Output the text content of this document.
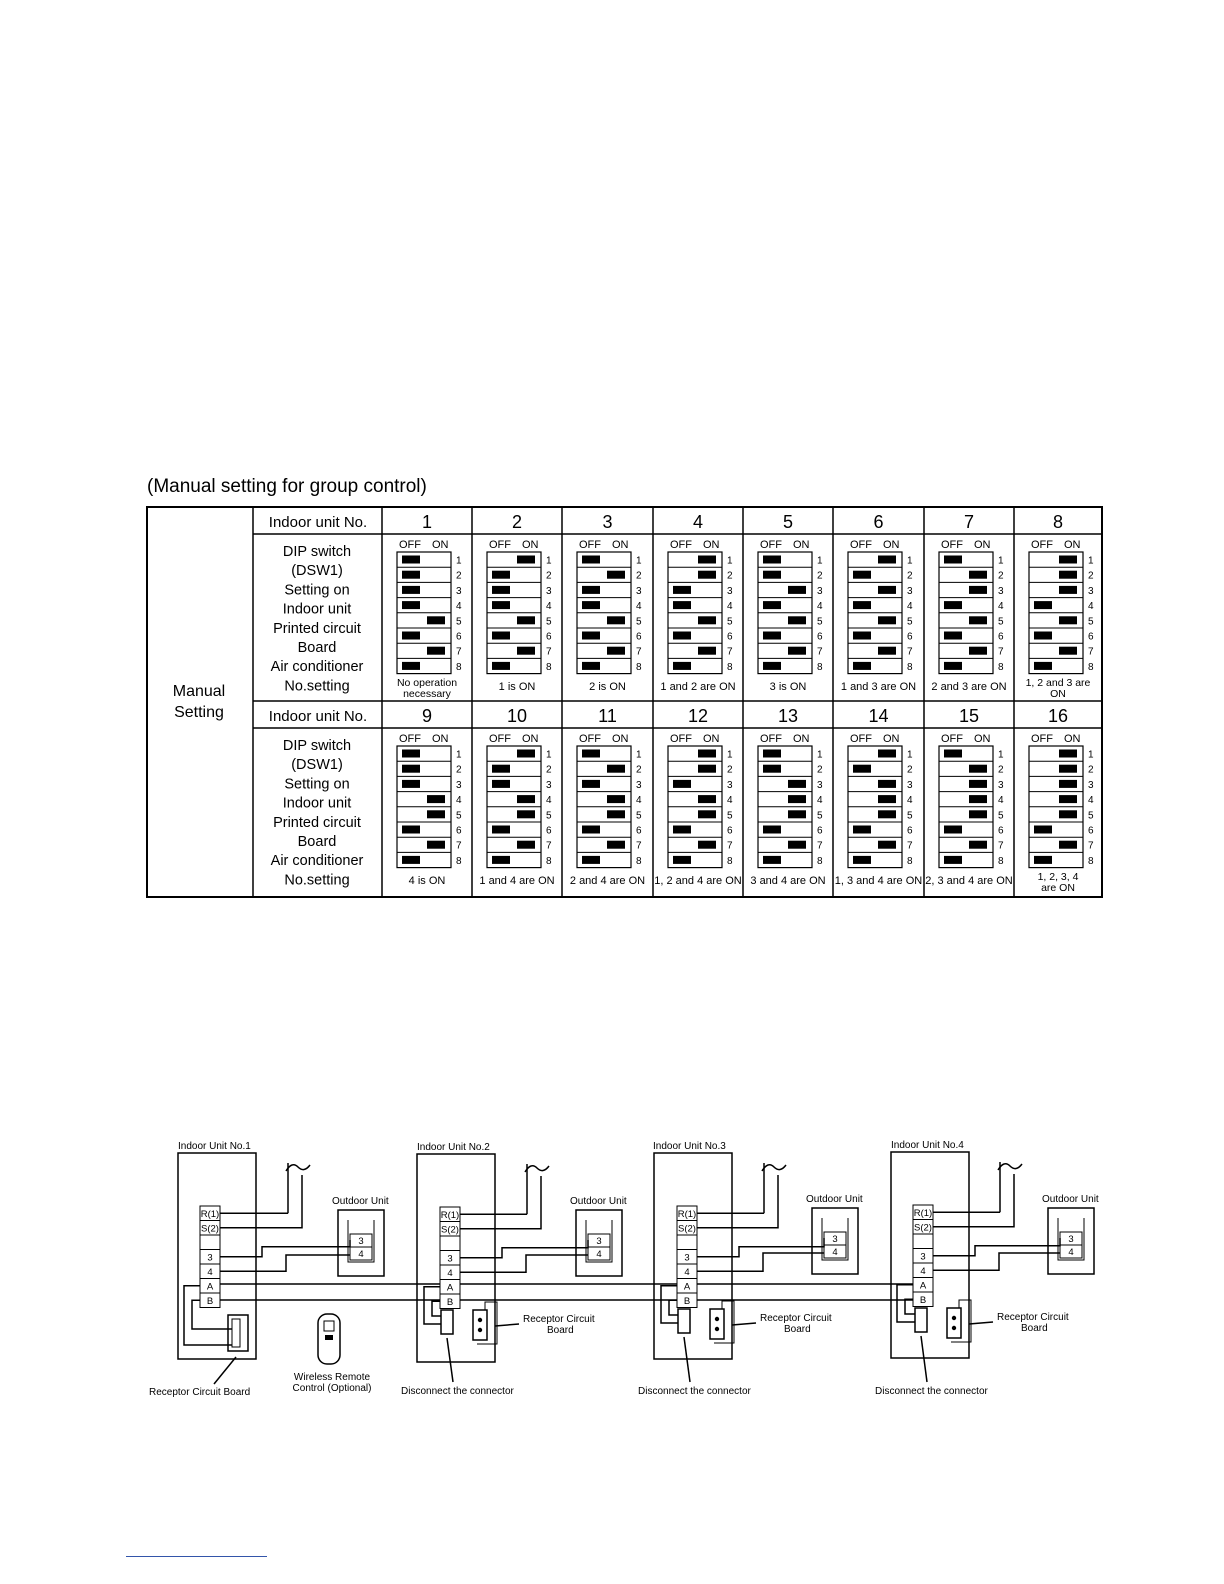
(Manual setting for group control)
Manual
Setting
Indoor unit No.
DIP switch
(DSW1)
Setting on
Indoor unit
Printed circuit
Board
Air conditioner
No.setting
1
OFF ON
1
2
3
4
5
6
7
8
No operation
necessary
2
OFF ON
1
2
3
4
5
6
7
8
1 is ON
3
OFF ON
1
2
3
4
5
6
7
8
2 is ON
4
OFF ON
1
2
3
4
5
6
7
8
1 and 2 are ON
5
OFF ON
1
2
3
4
5
6
7
8
3 is ON
6
OFF ON
1
2
3
4
5
6
7
8
1 and 3 are ON
7
OFF ON
1
2
3
4
5
6
7
8
2 and 3 are ON
8
OFF ON
1
2
3
4
5
6
7
8
1, 2 and 3 are
ON
Indoor unit No.
DIP switch
(DSW1)
Setting on
Indoor unit
Printed circuit
Board
Air conditioner
No.setting
9
OFF ON
1
2
3
4
5
6
7
8
4 is ON
10
OFF ON
1
2
3
4
5
6
7
8
1 and 4 are ON
11
OFF ON
1
2
3
4
5
6
7
8
2 and 4 are ON
12
OFF ON
1
2
3
4
5
6
7
8
1, 2 and 4 are ON
13
OFF ON
1
2
3
4
5
6
7
8
3 and 4 are ON
14
OFF ON
1
2
3
4
5
6
7
8
1, 3 and 4 are ON
15
OFF ON
1
2
3
4
5
6
7
8
2, 3 and 4 are ON
16
OFF ON
1
2
3
4
5
6
7
8
1, 2, 3, 4
are ON
Indoor Unit No.1
R(1)
S(2)
3
4
A
B
Outdoor Unit
3
4
Receptor Circuit Board
Indoor Unit No.2
R(1)
S(2)
3
4
A
B
Outdoor Unit
3
4
Receptor Circuit
Board
Disconnect the connector
Indoor Unit No.3
R(1)
S(2)
3
4
A
B
Outdoor Unit
3
4
Receptor Circuit
Board
Disconnect the connector
Indoor Unit No.4
R(1)
S(2)
3
4
A
B
Outdoor Unit
3
4
Receptor Circuit
Board
Disconnect the connector
Wireless Remote
Control (Optional)
